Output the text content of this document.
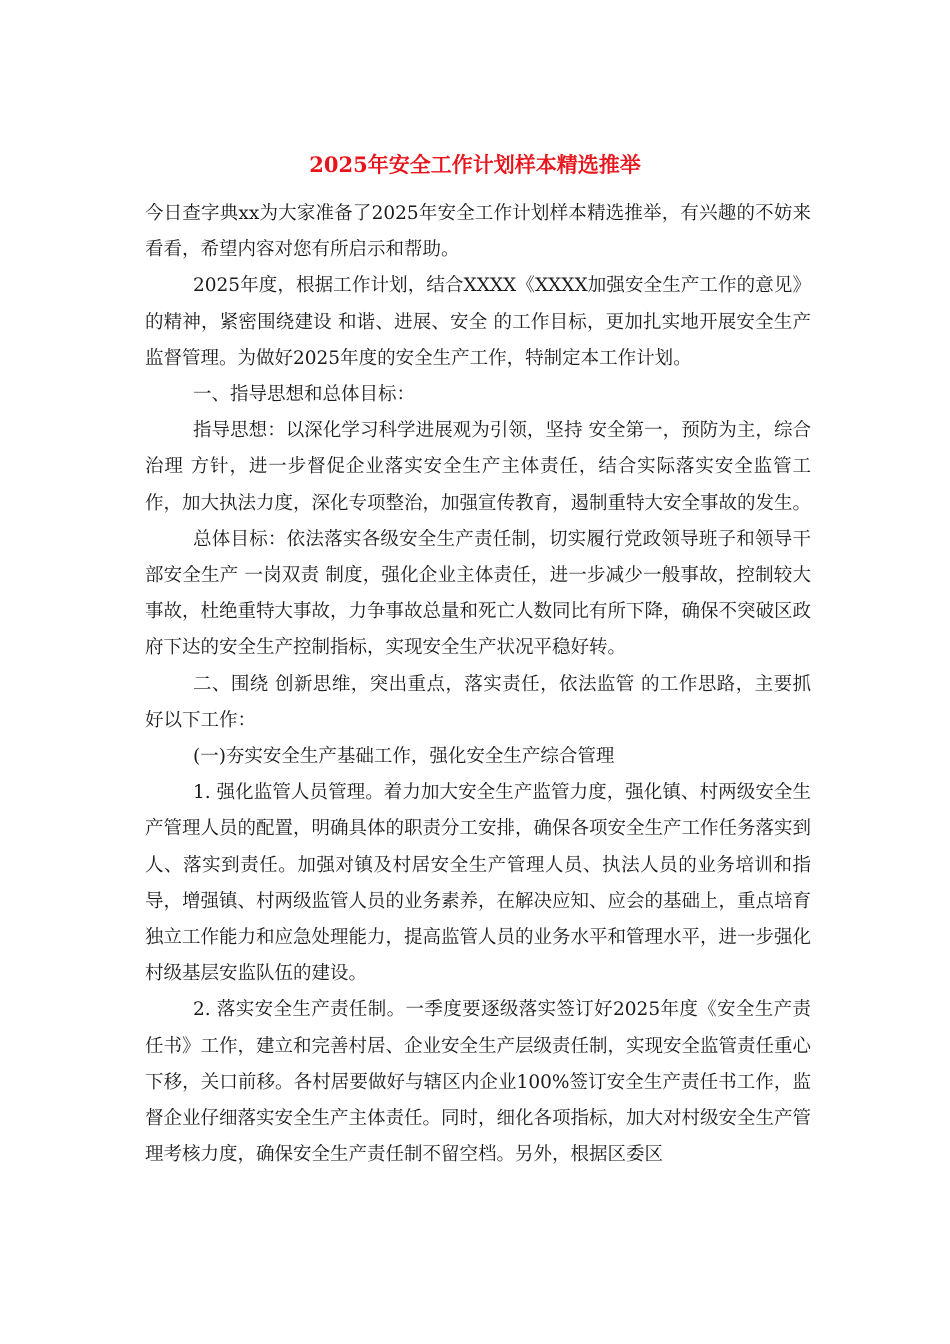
2025年安全工作计划样本精选推举

今日查字典xx为大家准备了2025年安全工作计划样本精选推举，有兴趣的不妨来看看，希望内容对您有所启示和帮助。

2025年度，根据工作计划，结合XXXX《XXXX加强安全生产工作的意见》的精神，紧密围绕建设 和谐、进展、安全 的工作目标，更加扎实地开展安全生产监督管理。为做好2025年度的安全生产工作，特制定本工作计划。

一、指导思想和总体目标：

指导思想：以深化学习科学进展观为引领，坚持 安全第一，预防为主，综合治理 方针，进一步督促企业落实安全生产主体责任，结合实际落实安全监管工作，加大执法力度，深化专项整治，加强宣传教育，遏制重特大安全事故的发生。

总体目标：依法落实各级安全生产责任制，切实履行党政领导班子和领导干部安全生产 一岗双责 制度，强化企业主体责任，进一步减少一般事故，控制较大事故，杜绝重特大事故，力争事故总量和死亡人数同比有所下降，确保不突破区政府下达的安全生产控制指标，实现安全生产状况平稳好转。

二、围绕 创新思维，突出重点，落实责任，依法监管 的工作思路，主要抓好以下工作：

(一)夯实安全生产基础工作，强化安全生产综合管理

1. 强化监管人员管理。着力加大安全生产监管力度，强化镇、村两级安全生产管理人员的配置，明确具体的职责分工安排，确保各项安全生产工作任务落实到人、落实到责任。加强对镇及村居安全生产管理人员、执法人员的业务培训和指导，增强镇、村两级监管人员的业务素养，在解决应知、应会的基础上，重点培育独立工作能力和应急处理能力，提高监管人员的业务水平和管理水平，进一步强化村级基层安监队伍的建设。

2. 落实安全生产责任制。一季度要逐级落实签订好2025年度《安全生产责任书》工作，建立和完善村居、企业安全生产层级责任制，实现安全监管责任重心下移，关口前移。各村居要做好与辖区内企业100%签订安全生产责任书工作，监督企业仔细落实安全生产主体责任。同时，细化各项指标，加大对村级安全生产管理考核力度，确保安全生产责任制不留空档。另外，根据区委区
